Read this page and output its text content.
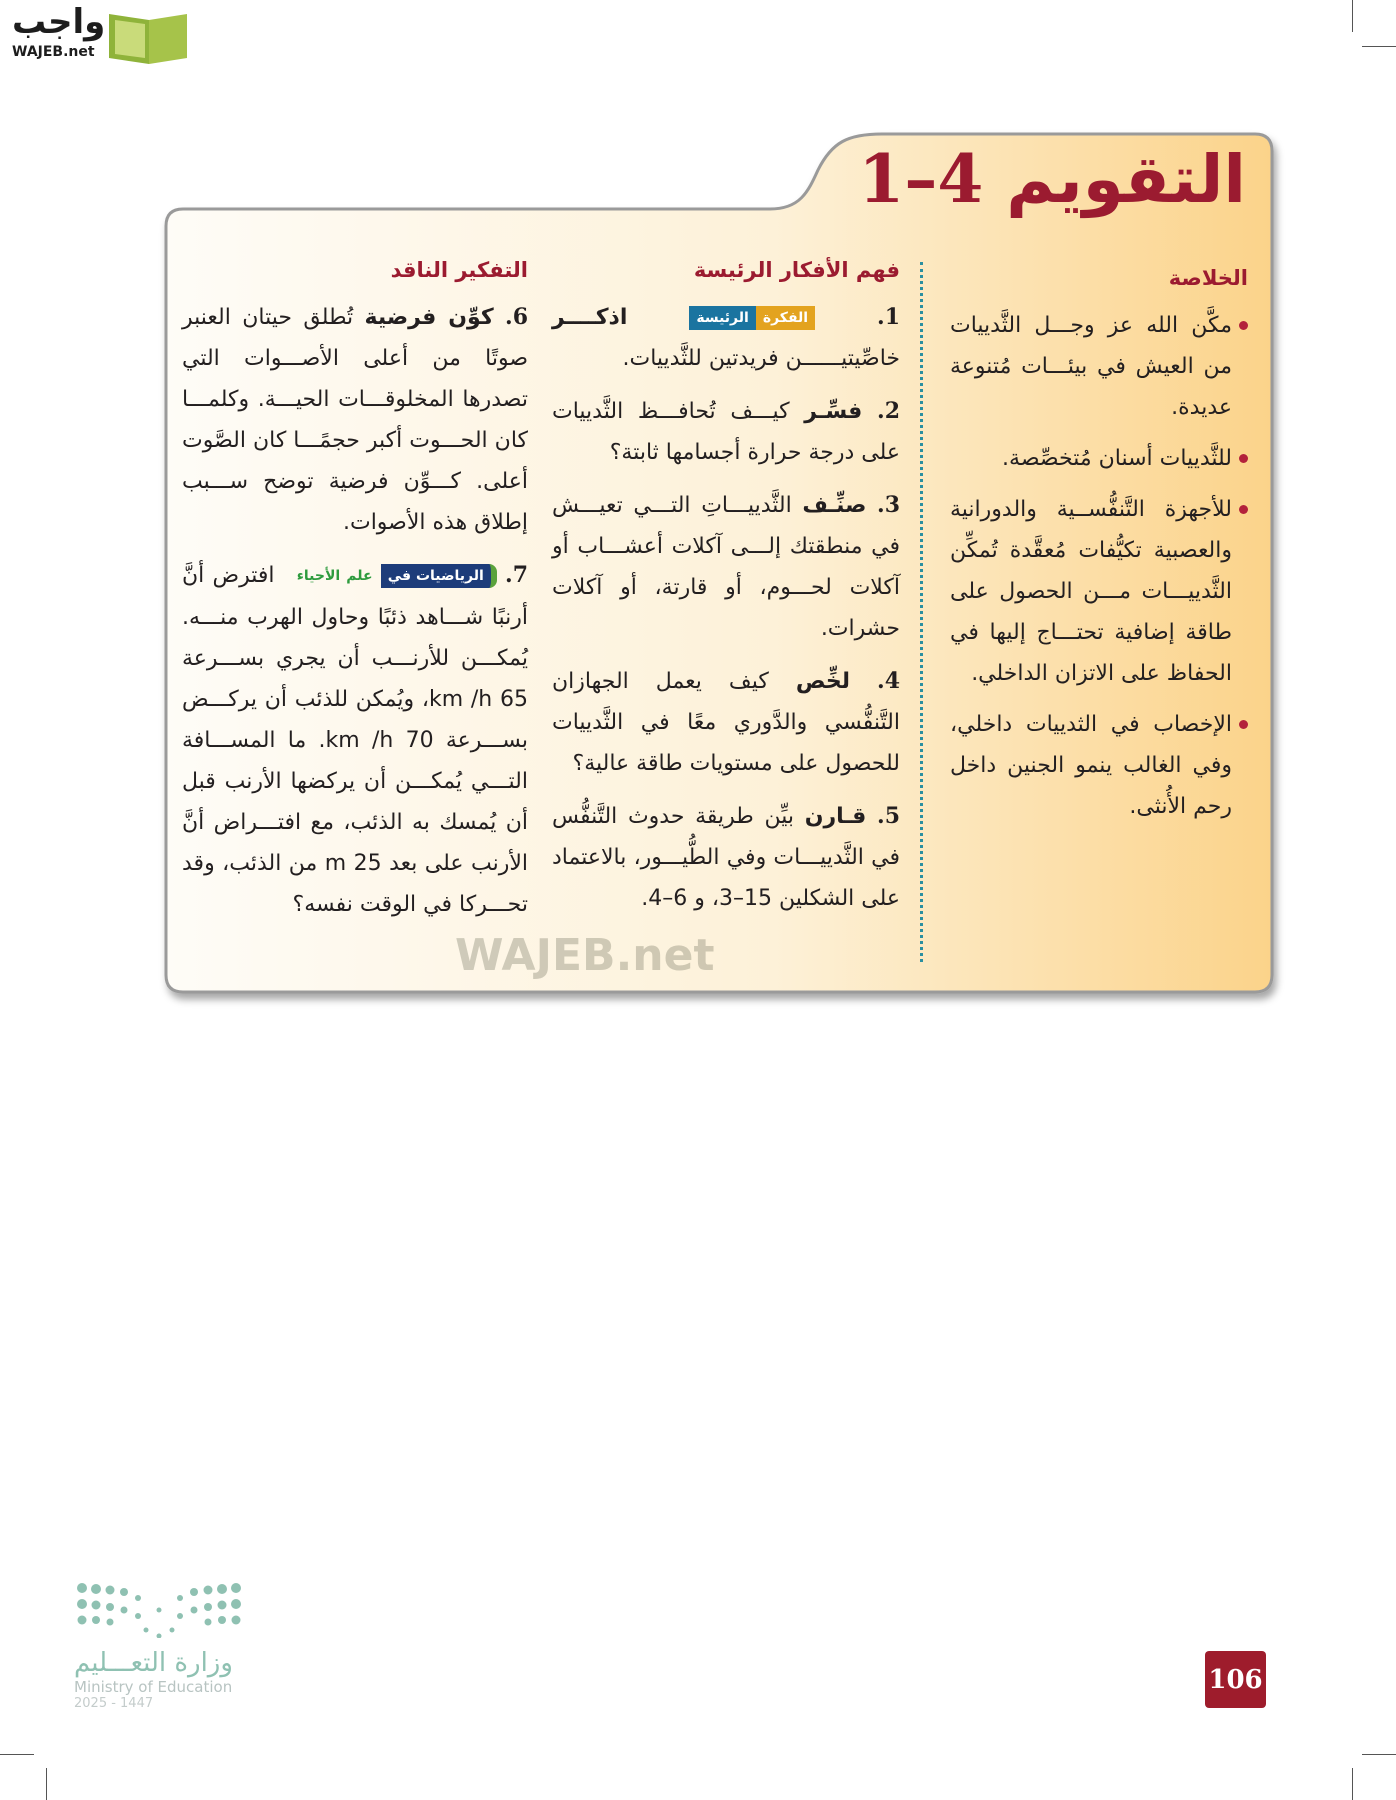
واجب
WAJEB.net
WAJEB.net
التقويم 4–1
الخلاصة
مكَّن الله عز وجـــل الثَّدييات من العيش في بيئـــات مُتنوعة عديدة.
للثَّدييات أسنان مُتخصِّصة.
للأجهزة التَّنفُّســية والدورانية والعصبية تكيُّفات مُعقَّدة تُمكِّن الثَّدييـــات مـــن الحصول على طاقة إضافية تحتـــاج إليها في الحفاظ على الاتزان الداخلي.
الإخصاب في الثدييات داخلي، وفي الغالب ينمو الجنين داخل رحم الأُنثى.
فهم الأفكار الرئيسة

1. الفكرةالرئيسة اذكــــر خاصِّيتيــــــن فريدتين للثَّدييات.

2. فسِّـر كيـــف تُحافـــظ الثَّدييات على درجة حرارة أجسامها ثابتة؟

3. صنِّـف الثَّدييـــاتِ التـــي تعيـــش في منطقتك إلـــى آكلات أعشـــاب أو آكلات لحـــوم، أو قارتة، أو آكلات حشرات.

4. لخِّص كيف يعمل الجهازان التَّنفُّسي والدَّوري معًا في الثَّدييات للحصول على مستويات طاقة عالية؟

5. قـارن بيِّن طريقة حدوث التَّنفُّس في الثَّدييـــات وفي الطُّيـــور، بالاعتماد على الشكلين 15–3، و 6–4.

التفكير الناقد

6. كوِّن فرضية تُطلق حيتان العنبر صوتًا من أعلى الأصـــوات التي تصدرها المخلوقـــات الحيـــة. وكلمـــا كان الحـــوت أكبر حجمًـــا كان الصَّوت أعلى. كـــوِّن فرضية توضح ســـبب إطلاق هذه الأصوات.

7. الرياضيات في علم الأحياء افترض أنَّ أرنبًا شـــاهد ذئبًا وحاول الهرب منـــه. يُمكـــن للأرنـــب أن يجري بســـرعة 65 km /h، ويُمكن للذئب أن يركـــض بســـرعة 70 km /h. ما المســـافة التـــي يُمكـــن أن يركضها الأرنب قبل أن يُمسك به الذئب، مع افتـــراض أنَّ الأرنب على بعد 25 m من الذئب، وقد تحـــركا في الوقت نفسه؟

وزارة التعـــليم
Ministry of Education
2025 - 1447
106
